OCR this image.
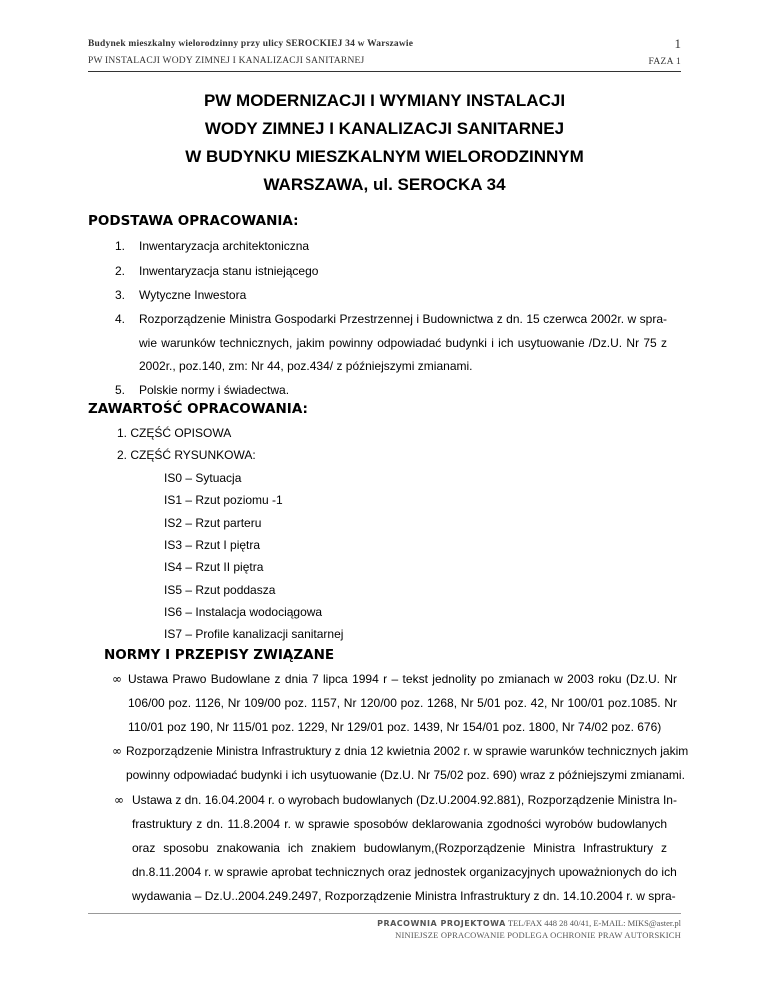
Budynek mieszkalny wielorodzinny przy ulicy SEROCKIEJ 34 w Warszawie
PW INSTALACJI WODY ZIMNEJ I KANALIZACJI SANITARNEJ
1
FAZA 1
PW MODERNIZACJI I WYMIANY INSTALACJI
WODY ZIMNEJ I KANALIZACJI SANITARNEJ
W BUDYNKU MIESZKALNYM WIELORODZINNYM
WARSZAWA, ul. SEROCKA 34
PODSTAWA OPRACOWANIA:
1. Inwentaryzacja architektoniczna
2. Inwentaryzacja stanu istniejącego
3. Wytyczne Inwestora
4. Rozporządzenie Ministra Gospodarki Przestrzennej i Budownictwa z dn. 15 czerwca 2002r. w spra-
wie warunków technicznych, jakim powinny odpowiadać budynki i ich usytuowanie /Dz.U. Nr 75 z
2002r., poz.140, zm: Nr 44, poz.434/ z późniejszymi zmianami.
5. Polskie normy i świadectwa.
ZAWARTOŚĆ OPRACOWANIA:
1. CZĘŚĆ OPISOWA
2. CZĘŚĆ RYSUNKOWA:
IS0 – Sytuacja
IS1 – Rzut poziomu -1
IS2 – Rzut parteru
IS3 – Rzut I piętra
IS4 – Rzut II piętra
IS5 – Rzut poddasza
IS6 – Instalacja wodociągowa
IS7 – Profile kanalizacji sanitarnej
NORMY I PRZEPISY ZWIĄZANE
∞ Ustawa Prawo Budowlane z dnia 7 lipca 1994 r – tekst jednolity po zmianach w 2003 roku (Dz.U. Nr
106/00 poz. 1126, Nr 109/00 poz. 1157, Nr 120/00 poz. 1268, Nr 5/01 poz. 42, Nr 100/01 poz.1085. Nr
110/01 poz 190, Nr 115/01 poz. 1229, Nr 129/01 poz. 1439, Nr 154/01 poz. 1800, Nr 74/02 poz. 676)
∞ Rozporządzenie Ministra Infrastruktury z dnia 12 kwietnia 2002 r. w sprawie warunków technicznych jakim
powinny odpowiadać budynki i ich usytuowanie (Dz.U. Nr 75/02 poz. 690) wraz z późniejszymi zmianami.
∞ Ustawa z dn. 16.04.2004 r. o wyrobach budowlanych (Dz.U.2004.92.881), Rozporządzenie Ministra In-
frastruktury z dn. 11.8.2004 r. w sprawie sposobów deklarowania zgodności wyrobów budowlanych
oraz sposobu znakowania ich znakiem budowlanym,(Rozporządzenie Ministra Infrastruktury z
dn.8.11.2004 r. w sprawie aprobat technicznych oraz jednostek organizacyjnych upoważnionych do ich
wydawania – Dz.U..2004.249.2497, Rozporządzenie Ministra Infrastruktury z dn. 14.10.2004 r. w spra-
PRACOWNIA PROJEKTOWA TEL/FAX 448 28 40/41, E-MAIL: MIKS@aster.pl
NINIEJSZE OPRACOWANIE PODLEGA OCHRONIE PRAW AUTORSKICH
